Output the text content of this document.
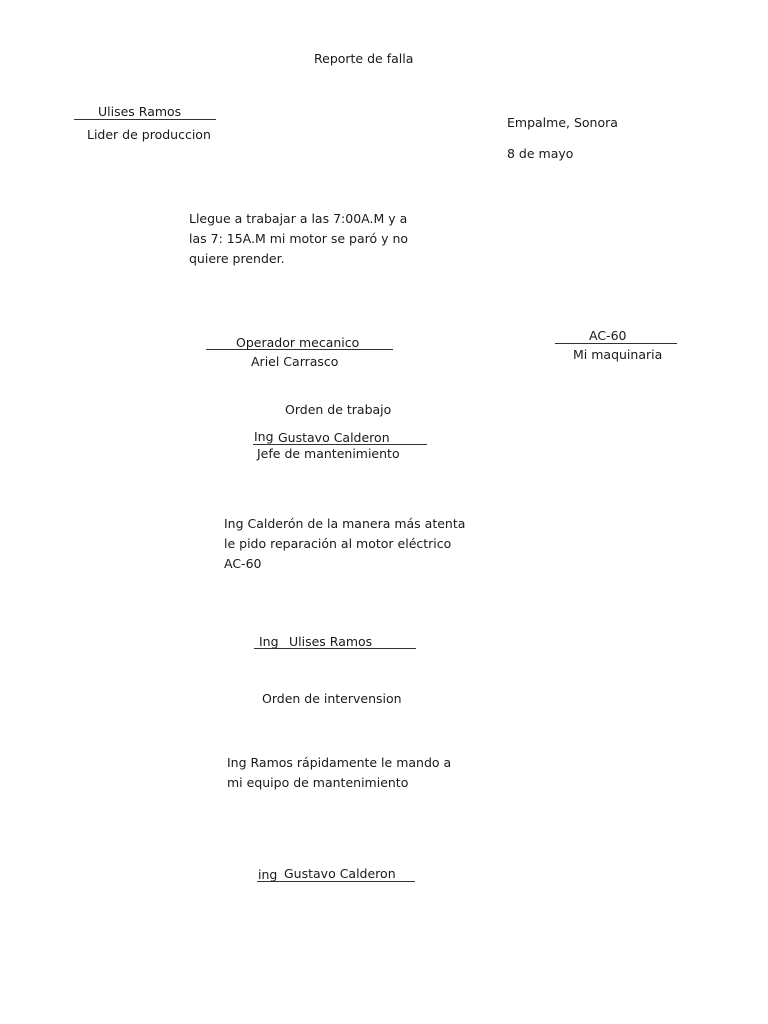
Reporte de falla
Ulises Ramos
Lider de produccion
Empalme, Sonora
8 de mayo
Llegue a trabajar a las 7:00A.M y a
las 7: 15A.M mi motor se paró y no
quiere prender.
Operador mecanico
Ariel Carrasco
AC-60
Mi maquinaria
Orden de trabajo
Ing Gustavo Calderon
Jefe de mantenimiento
Ing Calderón de la manera más atenta
le pido reparación al motor eléctrico
AC-60
Ing Ulises Ramos
Orden de intervension
Ing Ramos rápidamente le mando a
mi equipo de mantenimiento
ing Gustavo Calderon
